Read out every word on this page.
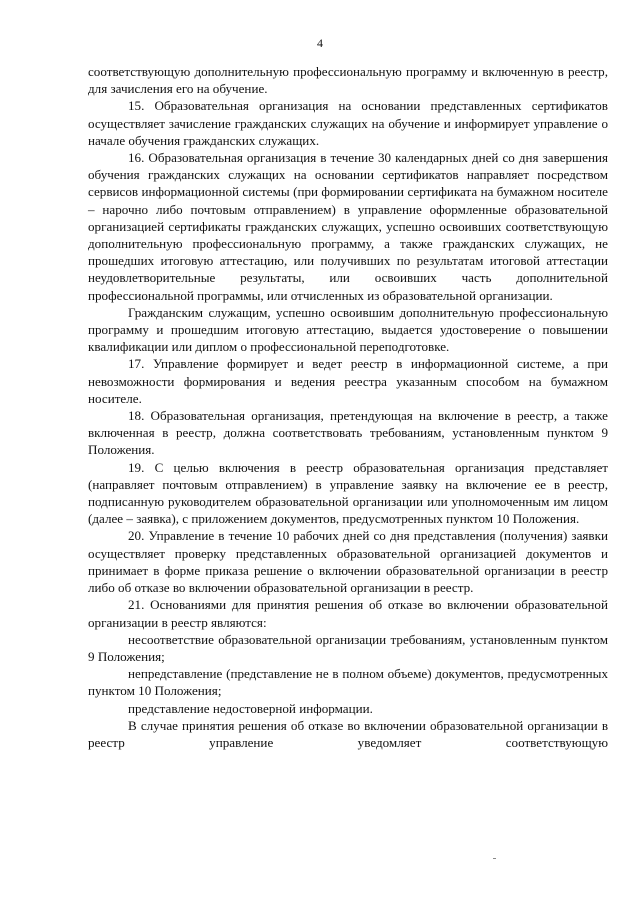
4

соответствующую дополнительную профессиональную программу и включенную в реестр, для зачисления его на обучение.

15. Образовательная организация на основании представленных сертификатов осуществляет зачисление гражданских служащих на обучение и информирует управление о начале обучения гражданских служащих.

16. Образовательная организация в течение 30 календарных дней со дня завершения обучения гражданских служащих на основании сертификатов направляет посредством сервисов информационной системы (при формировании сертификата на бумажном носителе – нарочно либо почтовым отправлением) в управление оформленные образовательной организацией сертификаты гражданских служащих, успешно освоивших соответствующую дополнительную профессиональную программу, а также гражданских служащих, не прошедших итоговую аттестацию, или получивших по результатам итоговой аттестации неудовлетворительные результаты, или освоивших часть дополнительной профессиональной программы, или отчисленных из образовательной организации.

Гражданским служащим, успешно освоившим дополнительную профессиональную программу и прошедшим итоговую аттестацию, выдается удостоверение о повышении квалификации или диплом о профессиональной переподготовке.

17. Управление формирует и ведет реестр в информационной системе, а при невозможности формирования и ведения реестра указанным способом на бумажном носителе.

18. Образовательная организация, претендующая на включение в реестр, а также включенная в реестр, должна соответствовать требованиям, установленным пунктом 9 Положения.

19. С целью включения в реестр образовательная организация представляет (направляет почтовым отправлением) в управление заявку на включение ее в реестр, подписанную руководителем образовательной организации или уполномоченным им лицом (далее – заявка), с приложением документов, предусмотренных пунктом 10 Положения.

20. Управление в течение 10 рабочих дней со дня представления (получения) заявки осуществляет проверку представленных образовательной организацией документов и принимает в форме приказа решение о включении образовательной организации в реестр либо об отказе во включении образовательной организации в реестр.

21. Основаниями для принятия решения об отказе во включении образовательной организации в реестр являются:

несоответствие образовательной организации требованиям, установленным пунктом 9 Положения;

непредставление (представление не в полном объеме) документов, предусмотренных пунктом 10 Положения;

представление недостоверной информации.

В случае принятия решения об отказе во включении образовательной организации в реестр управление уведомляет соответствующую
